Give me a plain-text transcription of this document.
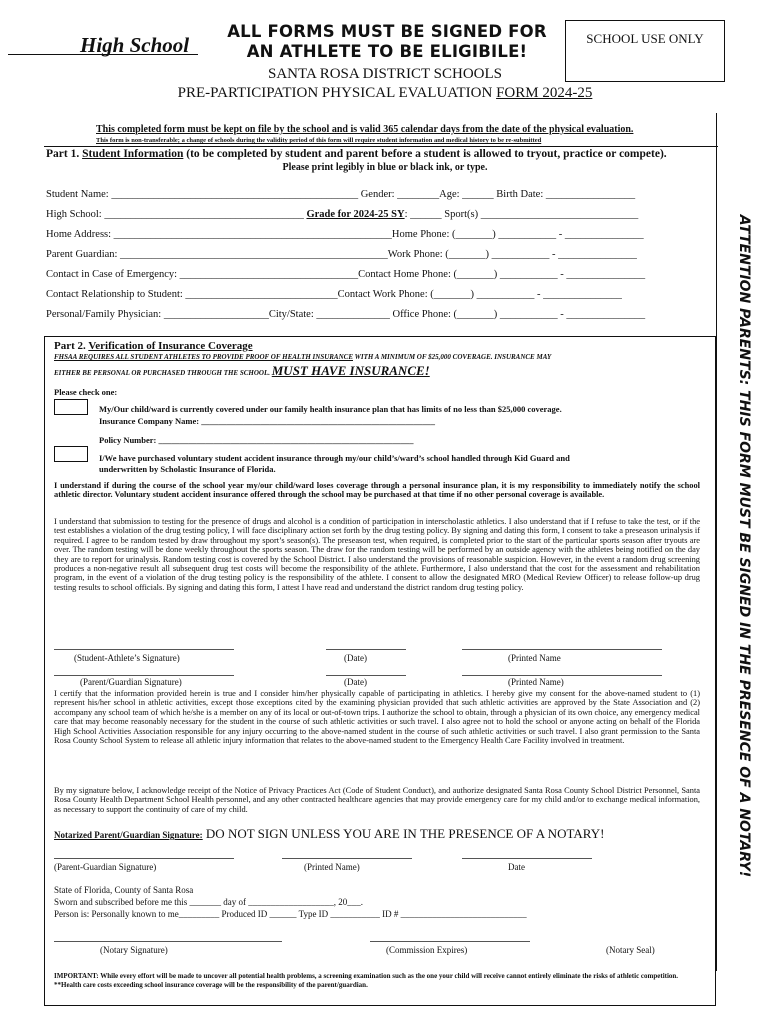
High School
ALL FORMS MUST BE SIGNED FOR
AN ATHLETE TO BE ELIGIBILE!
SCHOOL USE ONLY
SANTA ROSA DISTRICT SCHOOLS
PRE-PARTICIPATION PHYSICAL EVALUATION FORM 2024-25
This completed form must be kept on file by the school and is valid 365 calendar days from the date of the physical evaluation.
This form is non-transferable; a change of schools during the validity period of this form will require student information and medical history to be re-submitted
Part 1. Student Information (to be completed by student and parent before a student is allowed to tryout, practice or compete).
Please print legibly in blue or black ink, or type.
Student Name: _______________________________________________ Gender: ________Age: ______ Birth Date: _________________
High School: ______________________________________ Grade for 2024-25 SY: ______ Sport(s) ______________________________
Home Address: _____________________________________________________Home Phone: (_______) ___________ - _______________
Parent Guardian: ___________________________________________________Work Phone: (_______) ___________ - _______________
Contact in Case of Emergency: __________________________________Contact Home Phone: (_______) ___________ - _______________
Contact Relationship to Student: _____________________________Contact Work Phone: (_______) ___________ - _______________
Personal/Family Physician: ____________________City/State: ______________ Office Phone: (_______) ___________ - _______________	ATTENTION PARENTS: THIS FORM MUST BE SIGNED IN THE PRESENCE OF A NOTARY!
Part 2. Verification of Insurance Coverage
FHSAA REQUIRES ALL STUDENT ATHLETES TO PROVIDE PROOF OF HEALTH INSURANCE WITH A MINIMUM OF $25,000 COVERAGE. INSURANCE MAY
EITHER BE PERSONAL OR PURCHASED THROUGH THE SCHOOL. MUST HAVE INSURANCE!
Please check one:
My/Our child/ward is currently covered under our family health insurance plan that has limits of no less than $25,000 coverage.
Insurance Company Name: _______________________________________________________
Policy Number: ____________________________________________________________
I/We have purchased voluntary student accident insurance through my/our child’s/ward’s school handled through Kid Guard and
underwritten by Scholastic Insurance of Florida.
I understand if during the course of the school year my/our child/ward loses coverage through a personal insurance plan, it is my responsibility to immediately notify the school athletic director. Voluntary student accident insurance offered through the school may be purchased at that time if no other personal coverage is available.
I understand that submission to testing for the presence of drugs and alcohol is a condition of participation in interscholastic athletics. I also understand that if I refuse to take the test, or if the test establishes a violation of the drug testing policy, I will face disciplinary action set forth by the drug testing policy. By signing and dating this form, I consent to take a preseason urinalysis if required. I agree to be random tested by draw throughout my sport’s season(s). The preseason test, when required, is completed prior to the start of the particular sports season after tryouts are over. The random testing will be done weekly throughout the sports season. The draw for the random testing will be performed by an outside agency with the athletes being notified on the day they are to report for urinalysis. Random testing cost is covered by the School District. I also understand the provisions of reasonable suspicion. However, in the event a random drug screening produces a non-negative result all subsequent drug test costs will become the responsibility of the athlete. Furthermore, I also understand that the cost for the assessment and rehabilitation program, in the event of a violation of the drug testing policy is the responsibility of the athlete. I consent to allow the designated MRO (Medical Review Officer) to release follow-up drug testing results to school officials. By signing and dating this form, I attest I have read and understand the district random drug testing policy.
(Student-Athlete’s Signature)	(Date)	(Printed Name
(Parent/Guardian Signature)	(Date)	(Printed Name)
I certify that the information provided herein is true and I consider him/her physically capable of participating in athletics. I hereby give my consent for the above-named student to (1) represent his/her school in athletic activities, except those exceptions cited by the examining physician provided that such athletic activities are approved by the State Association and (2) accompany any school team of which he/she is a member on any of its local or out-of-town trips. I authorize the school to obtain, through a physician of its own choice, any emergency medical care that may become reasonably necessary for the student in the course of such athletic activities or such travel. I also agree not to hold the school or anyone acting on behalf of the Florida High School Activities Association responsible for any injury occurring to the above-named student in the course of such athletic activities or such travel. I also grant permission to the Santa Rosa County School System to release all athletic injury information that relates to the above-named student to the Emergency Health Care Facility involved in treatment.
By my signature below, I acknowledge receipt of the Notice of Privacy Practices Act (Code of Student Conduct), and authorize designated Santa Rosa County School District Personnel, Santa Rosa County Health Department School Health personnel, and any other contracted healthcare agencies that may provide emergency care for my child and/or to exchange medical information, as necessary to support the continuity of care of my child.
Notarized Parent/Guardian Signature: DO NOT SIGN UNLESS YOU ARE IN THE PRESENCE OF A NOTARY!
(Parent-Guardian Signature)	(Printed Name)	Date
State of Florida, County of Santa Rosa
Sworn and subscribed before me this _______ day of ___________________, 20___.
Person is: Personally known to me_________ Produced ID ______ Type ID ___________ ID # ____________________________
(Notary Signature)	(Commission Expires)	(Notary Seal)
IMPORTANT: While every effort will be made to uncover all potential health problems, a screening examination such as the one your child will receive cannot entirely eliminate the risks of athletic competition. **Health care costs exceeding school insurance coverage will be the responsibility of the parent/guardian.
